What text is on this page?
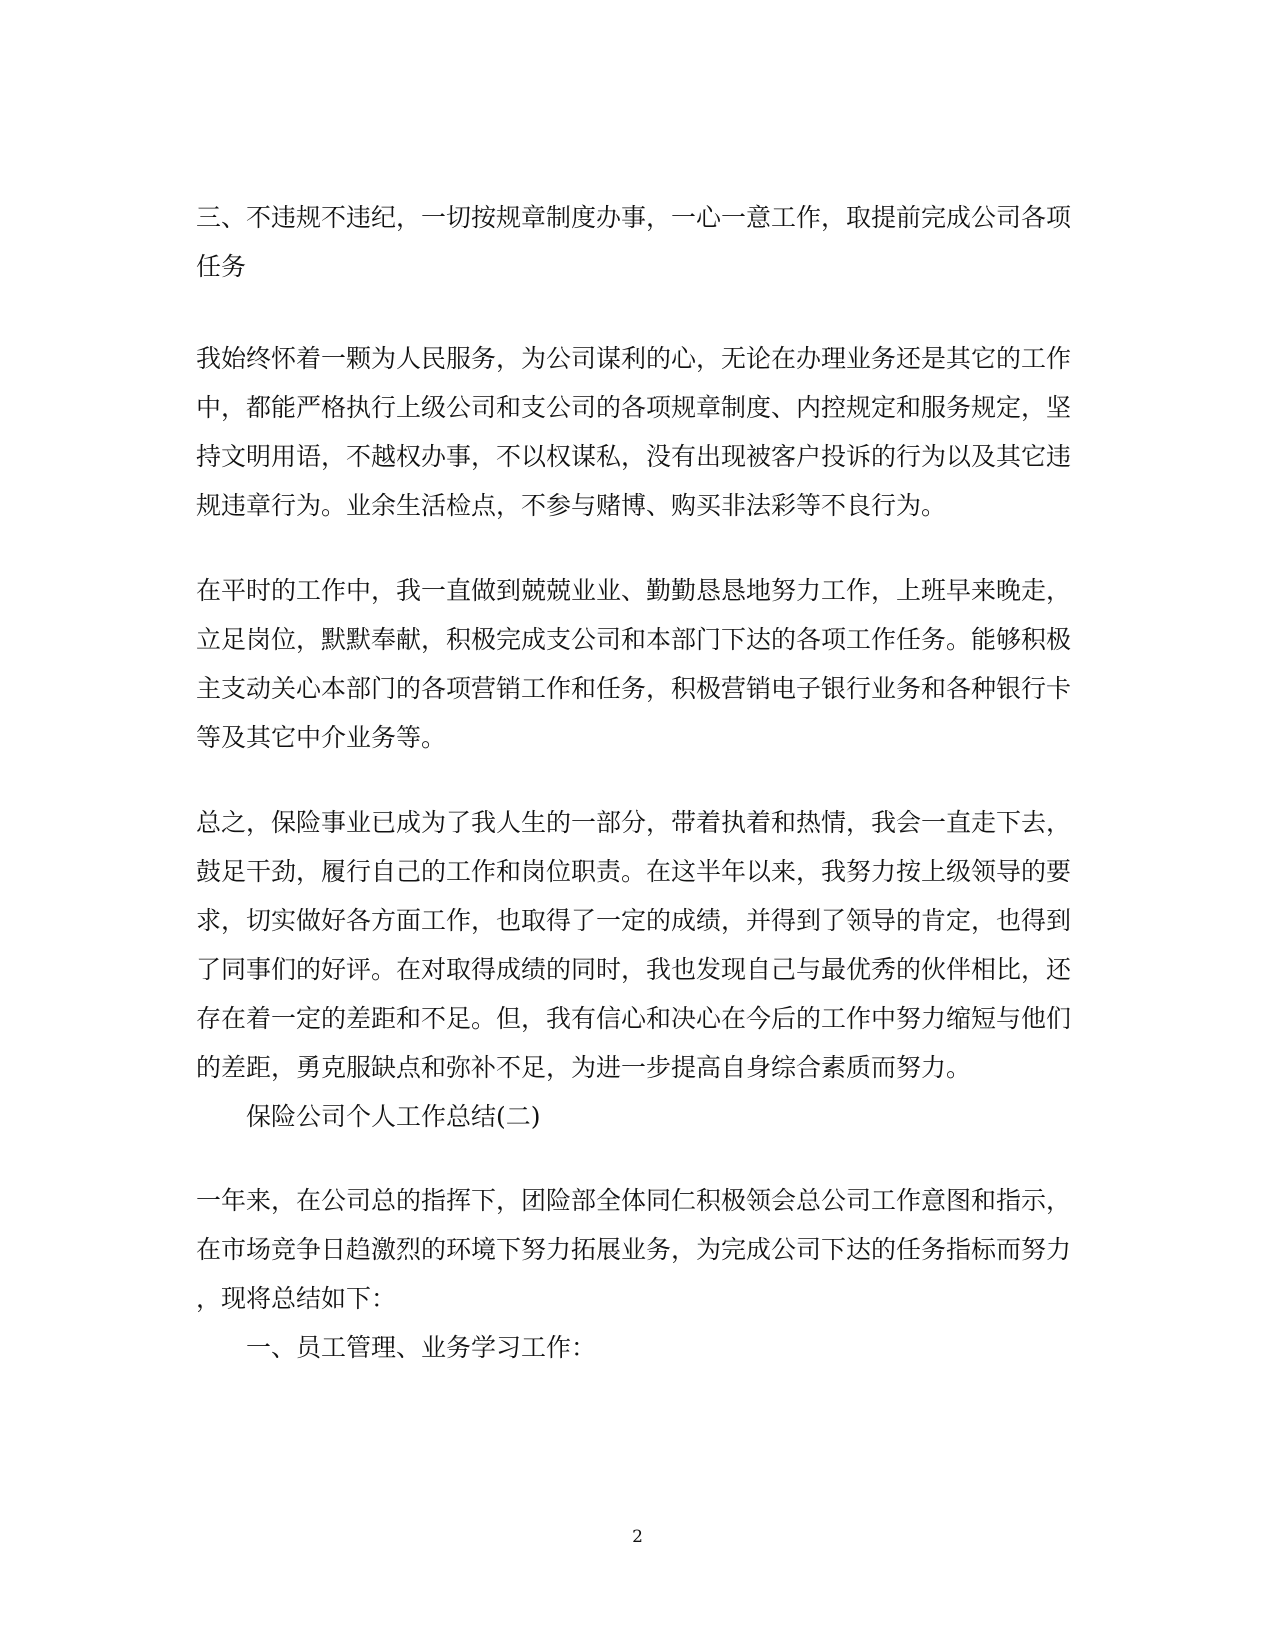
三、不违规不违纪，一切按规章制度办事，一心一意工作，取提前完成公司各项
任务
我始终怀着一颗为人民服务，为公司谋利的心，无论在办理业务还是其它的工作
中，都能严格执行上级公司和支公司的各项规章制度、内控规定和服务规定，坚
持文明用语，不越权办事，不以权谋私，没有出现被客户投诉的行为以及其它违
规违章行为。业余生活检点，不参与赌博、购买非法彩等不良行为。
在平时的工作中，我一直做到兢兢业业、勤勤恳恳地努力工作，上班早来晚走，
立足岗位，默默奉献，积极完成支公司和本部门下达的各项工作任务。能够积极
主支动关心本部门的各项营销工作和任务，积极营销电子银行业务和各种银行卡
等及其它中介业务等。
总之，保险事业已成为了我人生的一部分，带着执着和热情，我会一直走下去，
鼓足干劲，履行自己的工作和岗位职责。在这半年以来，我努力按上级领导的要
求，切实做好各方面工作，也取得了一定的成绩，并得到了领导的肯定，也得到
了同事们的好评。在对取得成绩的同时，我也发现自己与最优秀的伙伴相比，还
存在着一定的差距和不足。但，我有信心和决心在今后的工作中努力缩短与他们
的差距，勇克服缺点和弥补不足，为进一步提高自身综合素质而努力。
保险公司个人工作总结(二)
一年来，在公司总的指挥下，团险部全体同仁积极领会总公司工作意图和指示，
在市场竞争日趋激烈的环境下努力拓展业务，为完成公司下达的任务指标而努力
，现将总结如下：
一、员工管理、业务学习工作：
2
